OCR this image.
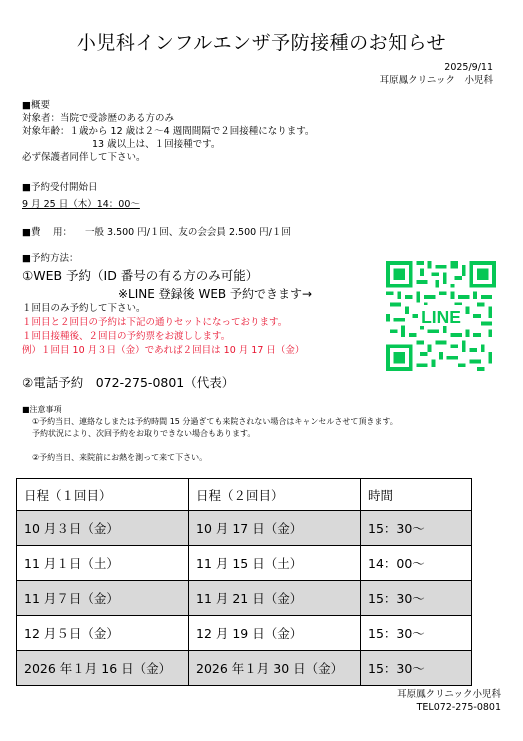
小児科インフルエンザ予防接種のお知らせ
2025/9/11
耳原鳳クリニック　小児科
■概要
対象者：当院で受診歴のある方のみ
対象年齢：１歳から 12 歳は２～4 週間間隔で２回接種になります。
13 歳以上は、１回接種です。
必ず保護者同伴して下さい。
■予約受付開始日
9 月 25 日（木）14：00～
■費　 用： 一般 3.500 円/１回、友の会会員 2.500 円/１回
■予約方法：
①WEB 予約（ID 番号の有る方のみ可能）
※LINE 登録後 WEB 予約できます→
１回目のみ予約して下さい。
１回目と２回目の予約は下記の通りセットになっております。
１回目接種後、２回目の予約票をお渡しします。
例）１回目 10 月３日（金）であれば２回目は 10 月 17 日（金）
②電話予約　072-275-0801（代表）
■注意事項
①予約当日、連絡なしまたは予約時間 15 分過ぎても来院されない場合はキャンセルさせて頂きます。
予約状況により、次回予約をお取りできない場合もあります。
②予約当日、来院前にお熱を測って来て下さい。
LINE
日程（１回目）	日程（２回目）	時間
10 月３日（金）	10 月 17 日（金）	15：30～
11 月１日（土）	11 月 15 日（土）	14：00～
11 月７日（金）	11 月 21 日（金）	15：30～
12 月５日（金）	12 月 19 日（金）	15：30～
2026 年１月 16 日（金）	2026 年１月 30 日（金）	15：30～
耳原鳳クリニック小児科
TEL072-275-0801
